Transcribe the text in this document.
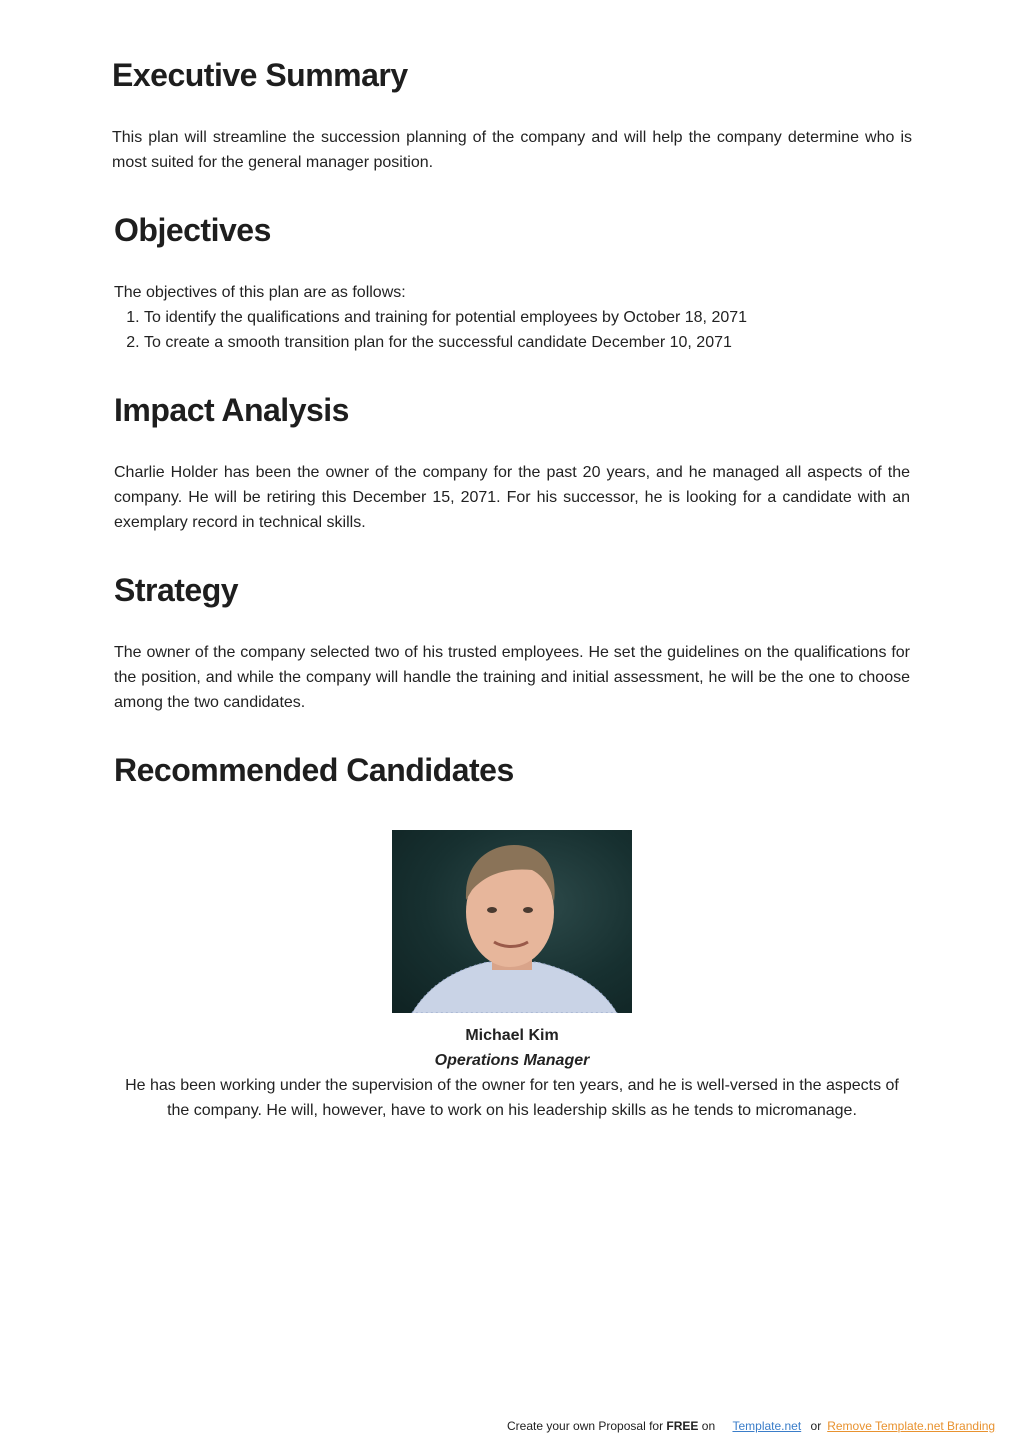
Executive Summary

This plan will streamline the succession planning of the company and will help the company determine who is most suited for the general manager position.

Objectives

The objectives of this plan are as follows:

1. To identify the qualifications and training for potential employees by October 18, 2071
2. To create a smooth transition plan for the successful candidate December 10, 2071
Impact Analysis

Charlie Holder has been the owner of the company for the past 20 years, and he managed all aspects of the company. He will be retiring this December 15, 2071. For his successor, he is looking for a candidate with an exemplary record in technical skills.

Strategy

The owner of the company selected two of his trusted employees. He set the guidelines on the qualifications for the position, and while the company will handle the training and initial assessment, he will be the one to choose among the two candidates.

Recommended Candidates
Michael Kim
Operations Manager
He has been working under the supervision of the owner for ten years, and he is well-versed in the aspects of the company. He will, however, have to work on his leadership skills as he tends to micromanage.
Create your own Proposal for FREE on Template.net or Remove Template.net Branding
